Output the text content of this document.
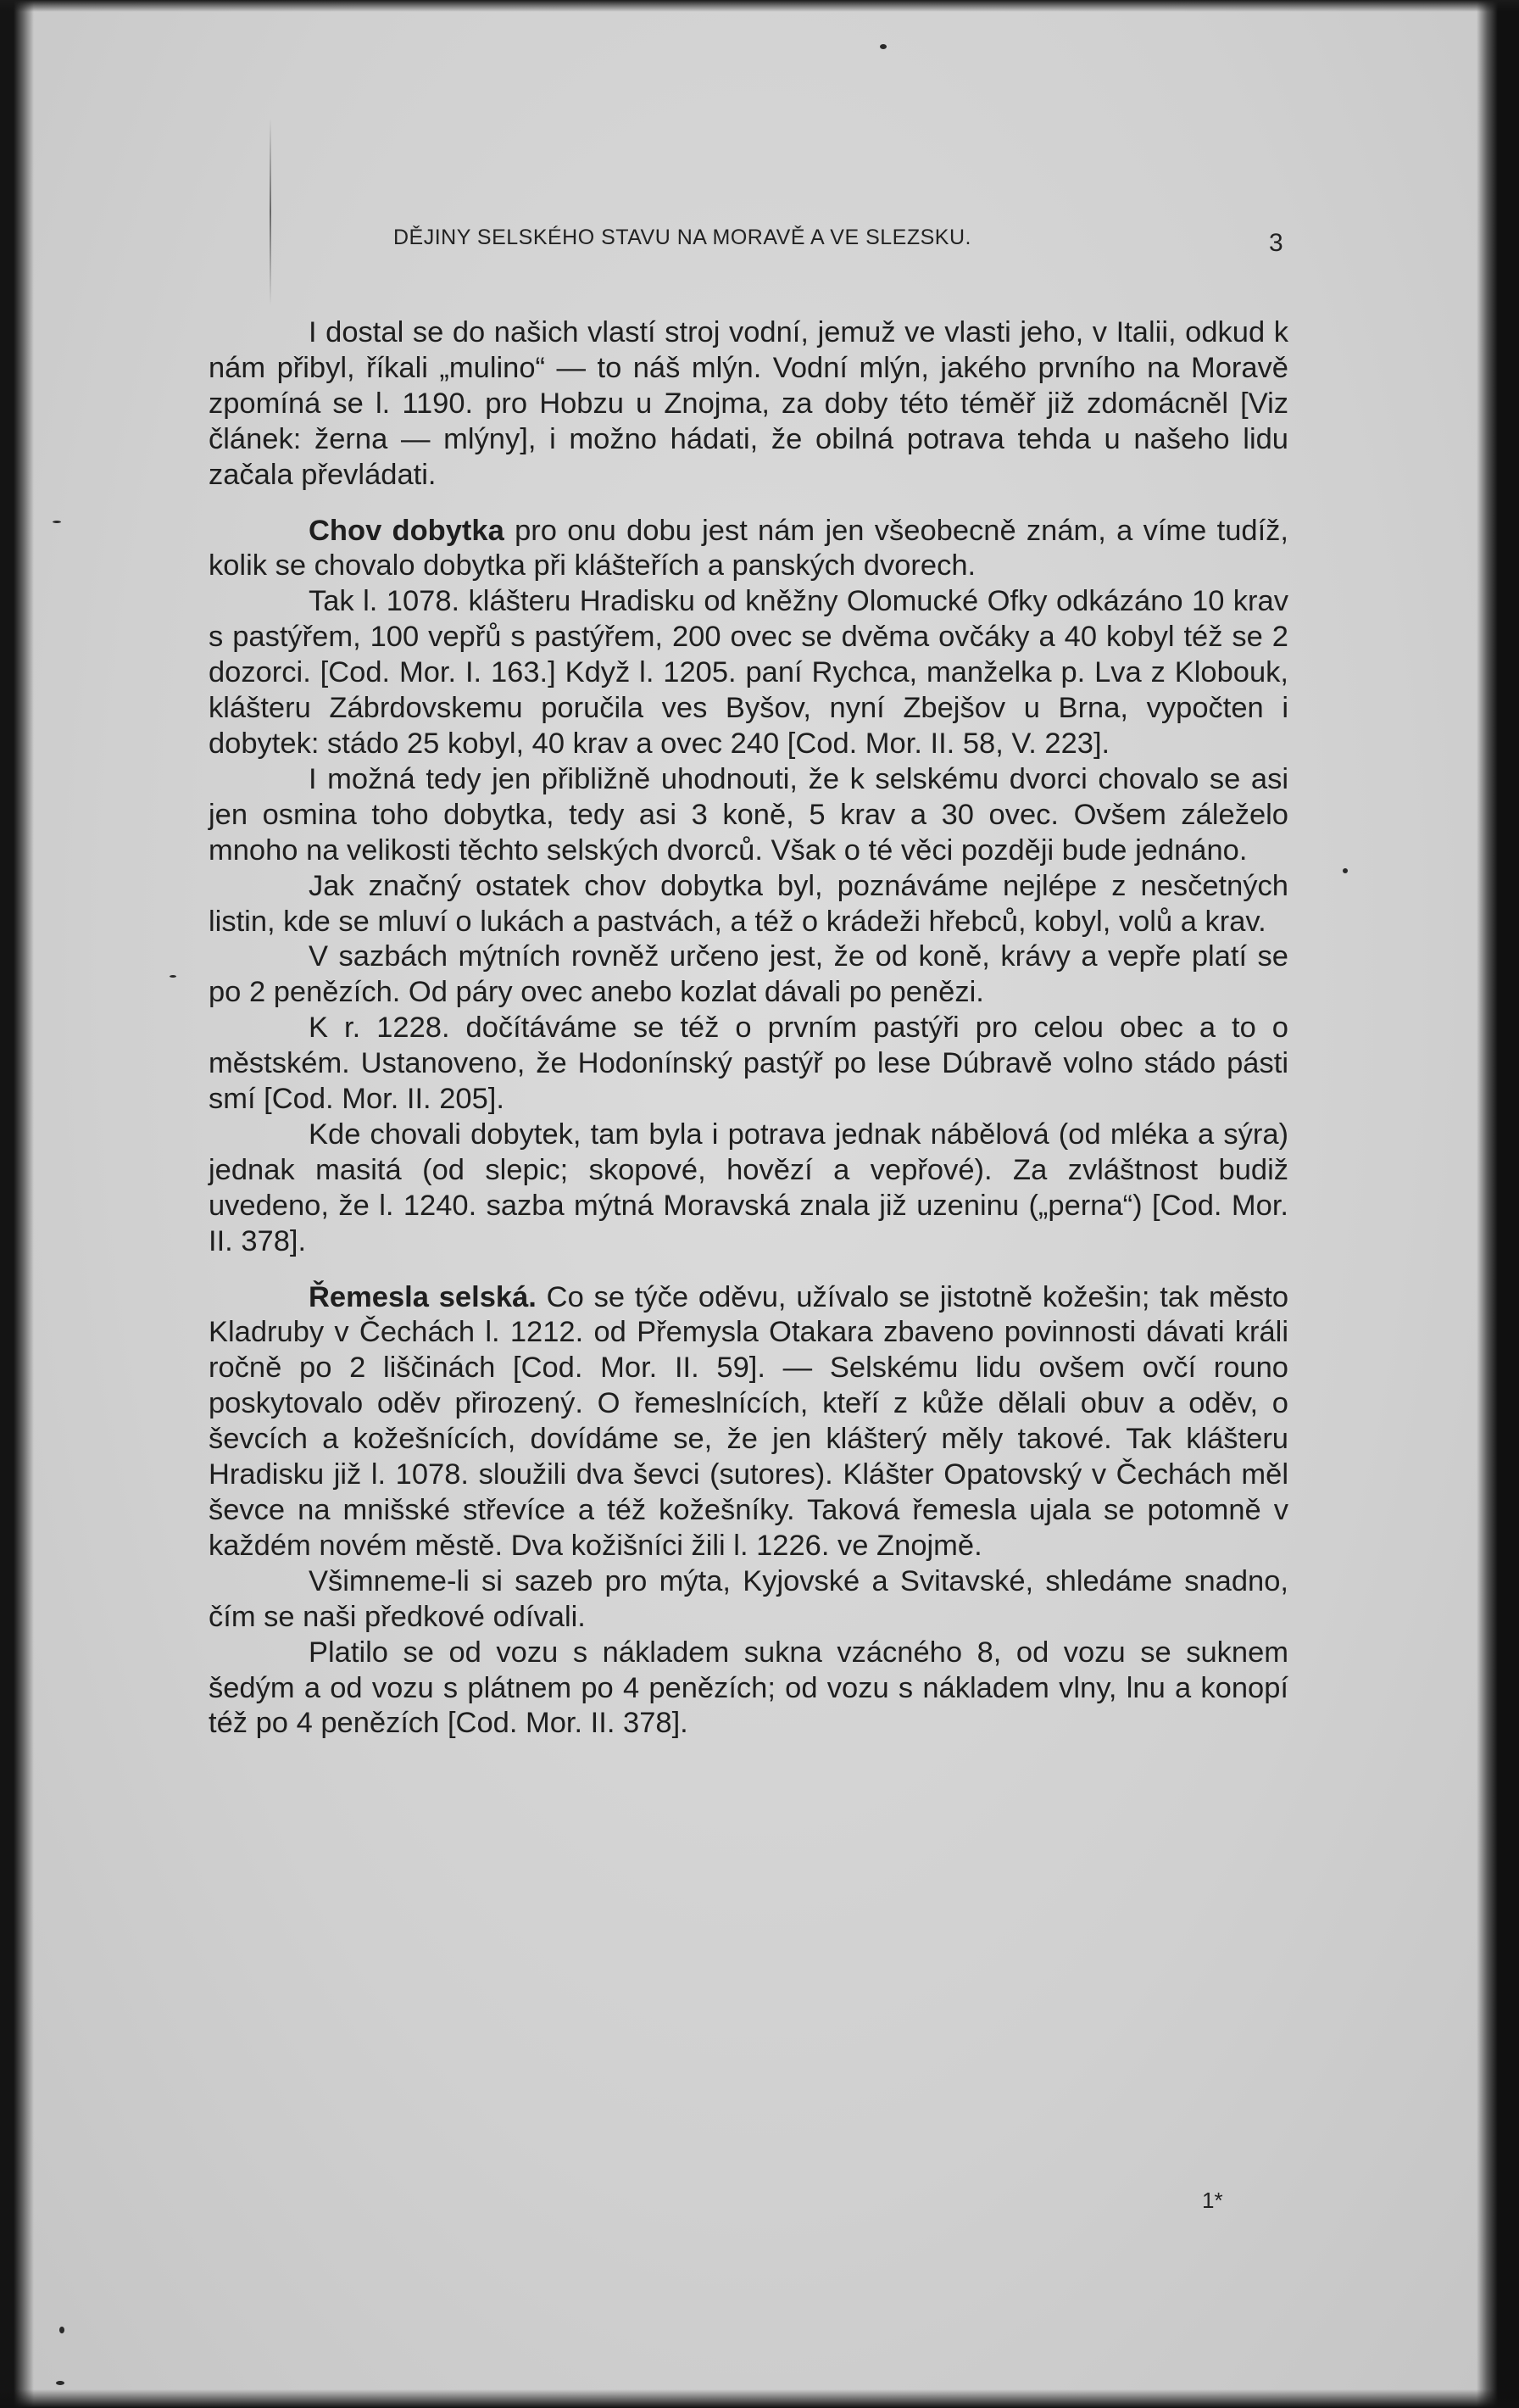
DĚJINY SELSKÉHO STAVU NA MORAVĚ A VE SLEZSKU.	3

I dostal se do našich vlastí stroj vodní, jemuž ve vlasti jeho, v Italii, odkud k nám přibyl, říkali „mulino“ — to náš mlýn. Vodní mlýn, jakého prvního na Moravě zpomíná se l. 1190. pro Hobzu u Znojma, za doby této téměř již zdomácněl [Viz článek: žerna — mlýny], i možno hádati, že obilná potrava tehda u našeho lidu začala převládati.

Chov dobytka pro onu dobu jest nám jen všeobecně znám, a víme tudíž, kolik se chovalo dobytka při klášteřích a panských dvorech.

Tak l. 1078. klášteru Hradisku od kněžny Olomucké Ofky odkázáno 10 krav s pastýřem, 100 vepřů s pastýřem, 200 ovec se dvěma ovčáky a 40 kobyl též se 2 dozorci. [Cod. Mor. I. 163.] Když l. 1205. paní Rychca, manželka p. Lva z Klobouk, klášteru Zábrdovskemu poručila ves Byšov, nyní Zbejšov u Brna, vypočten i dobytek: stádo 25 kobyl, 40 krav a ovec 240 [Cod. Mor. II. 58, V. 223].

I možná tedy jen přibližně uhodnouti, že k selskému dvorci chovalo se asi jen osmina toho dobytka, tedy asi 3 koně, 5 krav a 30 ovec. Ovšem záleželo mnoho na velikosti těchto selských dvorců. Však o té věci později bude jednáno.

Jak značný ostatek chov dobytka byl, poznáváme nejlépe z nesčetných listin, kde se mluví o lukách a pastvách, a též o krádeži hřebců, kobyl, volů a krav.

V sazbách mýtních rovněž určeno jest, že od koně, krávy a vepře platí se po 2 penězích. Od páry ovec anebo kozlat dávali po penězi.

K r. 1228. dočítáváme se též o prvním pastýři pro celou obec a to o městském. Ustanoveno, že Hodonínský pastýř po lese Dúbravě volno stádo pásti smí [Cod. Mor. II. 205].

Kde chovali dobytek, tam byla i potrava jednak nábělová (od mléka a sýra) jednak masitá (od slepic; skopové, hovězí a vepřové). Za zvláštnost budiž uvedeno, že l. 1240. sazba mýtná Moravská znala již uzeninu („perna“) [Cod. Mor. II. 378].

Řemesla selská. Co se týče oděvu, užívalo se jistotně kožešin; tak město Kladruby v Čechách l. 1212. od Přemysla Otakara zbaveno povinnosti dávati králi ročně po 2 liščinách [Cod. Mor. II. 59]. — Selskému lidu ovšem ovčí rouno poskytovalo oděv přirozený. O řemeslnících, kteří z kůže dělali obuv a oděv, o ševcích a kožešnících, dovídáme se, že jen klášterý měly takové. Tak klášteru Hradisku již l. 1078. sloužili dva ševci (sutores). Klášter Opatovský v Čechách měl ševce na mnišské střevíce a též kožešníky. Taková řemesla ujala se potomně v každém novém městě. Dva kožišníci žili l. 1226. ve Znojmě.

Všimneme-li si sazeb pro mýta, Kyjovské a Svitavské, shledáme snadno, čím se naši předkové odívali.

Platilo se od vozu s nákladem sukna vzácného 8, od vozu se suknem šedým a od vozu s plátnem po 4 penězích; od vozu s nákladem vlny, lnu a konopí též po 4 penězích [Cod. Mor. II. 378].

1*
